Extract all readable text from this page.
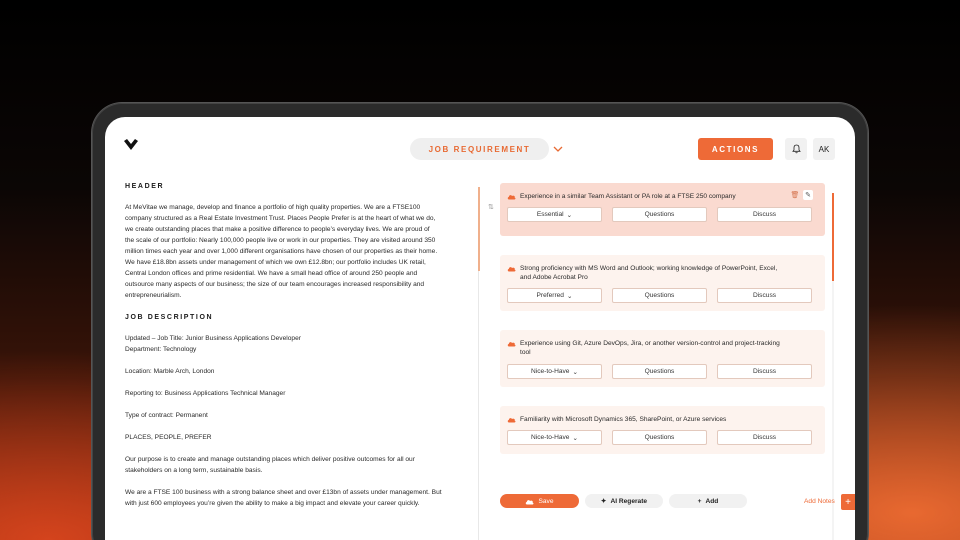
JOB REQUIREMENT	ACTIONS	AK
HEADER
At MeVitae we manage, develop and finance a portfolio of high quality properties. We are a FTSE100
company structured as a Real Estate Investment Trust. Places People Prefer is at the heart of what we do,
we create outstanding places that make a positive difference to people’s everyday lives. We are proud of
the scale of our portfolio: Nearly 100,000 people live or work in our properties. They are visited around 350
million times each year and over 1,000 different organisations have chosen of our properties as their home.
We have £18.8bn assets under management of which we own £12.8bn; our portfolio includes UK retail,
Central London offices and prime residential. We have a small head office of around 250 people and
outsource many aspects of our business; the size of our team encourages increased responsibility and
entrepreneurialism.
JOB DESCRIPTION
Updated – Job Title: Junior Business Applications Developer
Department: Technology
Location: Marble Arch, London
Reporting to: Business Applications Technical Manager
Type of contract: Permanent
PLACES, PEOPLE, PREFER
Our purpose is to create and manage outstanding places which deliver positive outcomes for all our
stakeholders on a long term, sustainable basis.
We are a FTSE 100 business with a strong balance sheet and over £13bn of assets under management. But
with just 600 employees you’re given the ability to make a big impact and elevate your career quickly.
⇅
Experience in a similar Team Assistant or PA role at a FTSE 250 company	🗑 ✎
Essential ⌄	Questions	Discuss
Strong proficiency with MS Word and Outlook; working knowledge of PowerPoint, Excel, and Adobe Acrobat Pro
Preferred ⌄	Questions	Discuss
Experience using Git, Azure DevOps, Jira, or another version-control and project-tracking tool
Nice-to-Have ⌄	Questions	Discuss
Familiarity with Microsoft Dynamics 365, SharePoint, or Azure services
Nice-to-Have ⌄	Questions	Discuss
Save	✦ AI Regerate	+ Add	Add Notes	+
